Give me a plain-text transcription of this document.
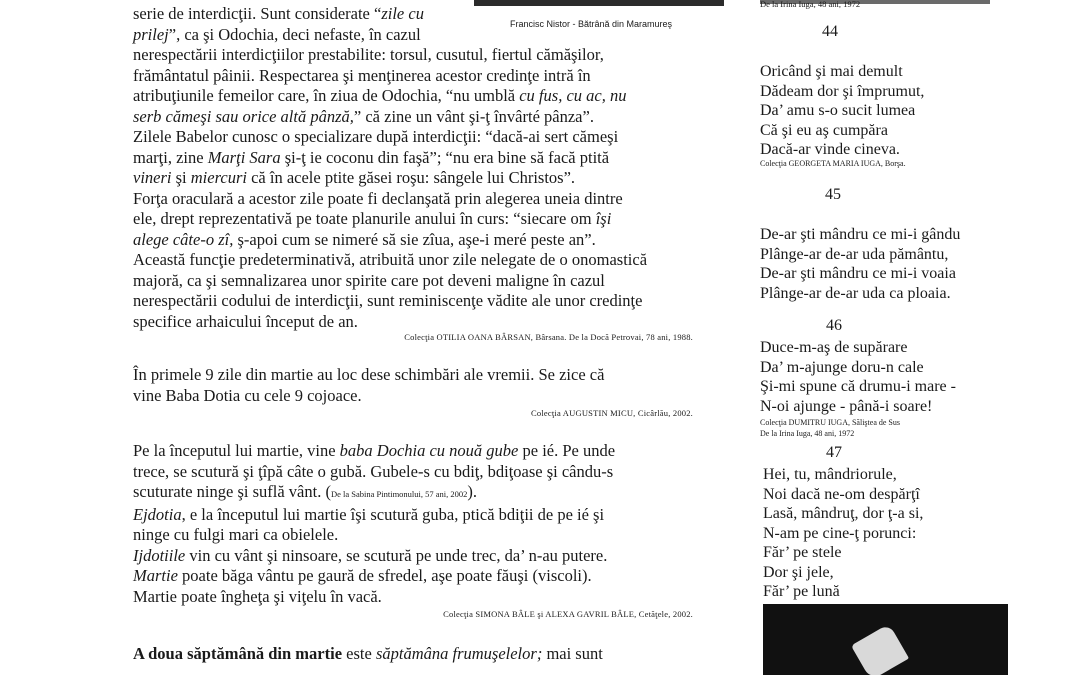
Francisc Nistor - Bătrână din Maramureş
serie de interdicţii. Sunt considerate “zile cu
prilej”, ca şi Odochia, deci nefaste, în cazul
nerespectării interdicţiilor prestabilite: torsul, cusutul, fiertul cămăşilor,
frământatul pâinii. Respectarea şi menţinerea acestor credinţe intră în
atribuţiunile femeilor care, în ziua de Odochia, “nu umblă cu fus, cu ac, nu
serb cămeşi sau orice altă pânză,” că zine un vânt şi-ţ învârté pânza”.
Zilele Babelor cunosc o specializare după interdicţii: “dacă-ai sert cămeşi
marţi, zine Marţi Sara şi-ţ ie coconu din faşă”; “nu era bine să facă ptită
vineri şi miercuri că în acele ptite găsei roşu: sângele lui Christos”.
Forţa oraculară a acestor zile poate fi declanşată prin alegerea uneia dintre
ele, drept reprezentativă pe toate planurile anului în curs: “siecare om îşi
alege câte-o zî, ş-apoi cum se nimeré să sie zîua, aşe-i meré peste an”.
Această funcţie predeterminativă, atribuită unor zile nelegate de o onomastică
majoră, ca şi semnalizarea unor spirite care pot deveni maligne în cazul
nerespectării codului de interdicţii, sunt reminiscenţe vădite ale unor credinţe
specifice arhaicului început de an.
Colecţia OTILIA OANA BÂRSAN, Bârsana. De la Docă Petrovai, 78 ani, 1988.
În primele 9 zile din martie au loc dese schimbări ale vremii. Se zice că
vine Baba Dotia cu cele 9 cojoace.
Colecţia AUGUSTIN MICU, Cicârlău, 2002.
Pe la începutul lui martie, vine baba Dochia cu nouă gube pe ié. Pe unde
trece, se scutură şi ţîpă câte o gubă. Gubele-s cu bdiţ, bdiţoase şi cându-s
scuturate ninge şi suflă vânt. (De la Sabina Pintimonului, 57 ani, 2002).
Ejdotia, e la începutul lui martie îşi scutură guba, ptică bdiţii de pe ié şi
ninge cu fulgi mari ca obielele.
Ijdotiile vin cu vânt şi ninsoare, se scutură pe unde trec, da’ n-au putere.
Martie poate băga vântu pe gaură de sfredel, aşe poate făuşi (viscoli).
Martie poate îngheţa şi viţelu în vacă.
Colecţia SIMONA BÂLE şi ALEXA GAVRIL BÂLE, Cetăţele, 2002.
A doua săptămână din martie este săptămâna frumuşelelor; mai sunt
De la Irina Iuga, 48 ani, 1972
44
Oricând şi mai demult
Dădeam dor şi împrumut,
Da’ amu s-o sucit lumea
Că şi eu aş cumpăra
Dacă-ar vinde cineva.
Colecţia GEORGETA MARIA IUGA, Borşa.
45
De-ar şti mândru ce mi-i gându
Plânge-ar de-ar uda pământu,
De-ar şti mândru ce mi-i voaia
Plânge-ar de-ar uda ca ploaia.
46
Duce-m-aş de supărare
Da’ m-ajunge doru-n cale
Şi-mi spune că drumu-i mare -
N-oi ajunge - până-i soare!
Colecţia DUMITRU IUGA, Săliştea de Sus
De la Irina Iuga, 48 ani, 1972
47
Hei, tu, mândriorule,
Noi dacă ne-om despărţî
Lasă, mândruţ, dor ţ-a si,
N-am pe cine-ţ porunci:
Făr’ pe stele
Dor şi jele,
Făr’ pe lună
